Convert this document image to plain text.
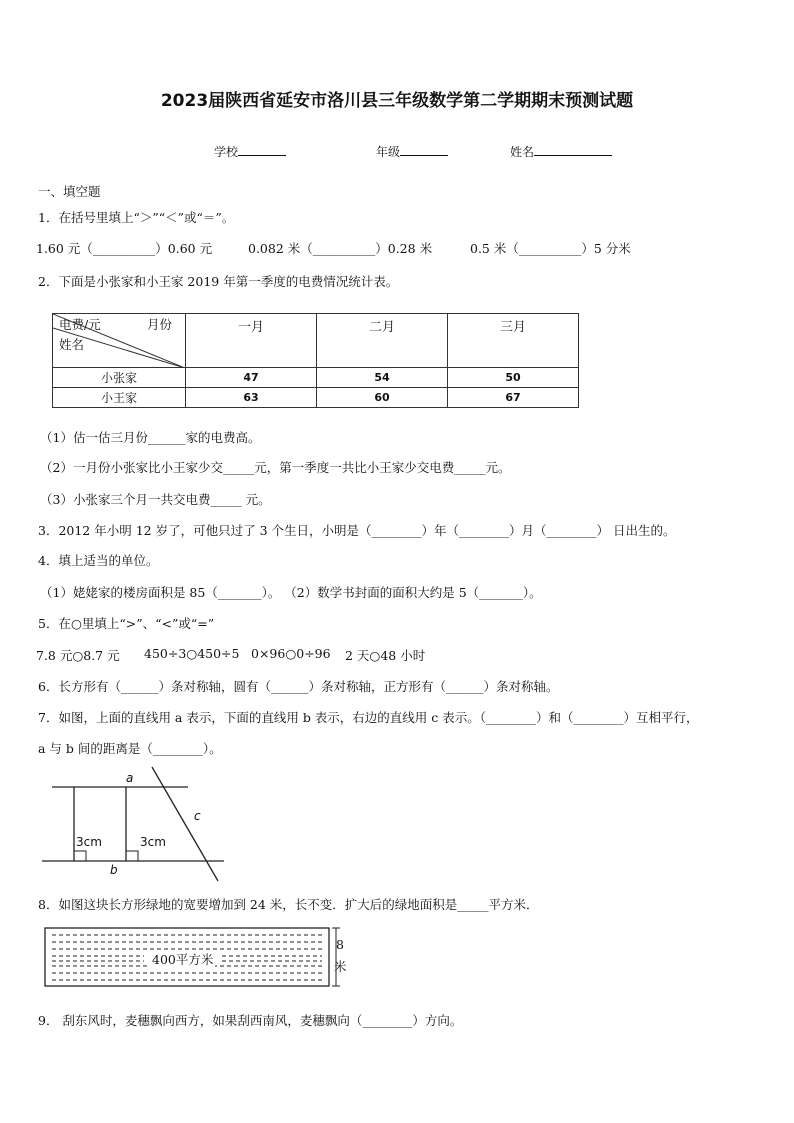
2023届陕西省延安市洛川县三年级数学第二学期期末预测试题
学校	年级	姓名
一、填空题
1．在括号里填上“＞”“＜”或“＝”。
1.60 元（__________）0.60 元	0.082 米（__________）0.28 米	0.5 米（__________）5 分米
2．下面是小张家和小王家 2019 年第一季度的电费情况统计表。
电费/元 月份
姓名	一月	二月	三月
小张家	47	54	50
小王家	63	60	67
（1）估一估三月份______家的电费高。
（2）一月份小张家比小王家少交_____元，第一季度一共比小王家少交电费_____元。
（3）小张家三个月一共交电费_____ 元。
3．2012 年小明 12 岁了，可他只过了 3 个生日，小明是（________）年（________）月（________） 日出生的。
4．填上适当的单位。
（1）姥姥家的楼房面积是 85（_______）。 （2）数学书封面的面积大约是 5（_______）。
5．在○里填上“>”、“<”或“=”
7.8 元○8.7 元 450÷3○450÷5 0×96○0÷96 2 天○48 小时
6．长方形有（______）条对称轴，圆有（______）条对称轴，正方形有（______）条对称轴。
7．如图，上面的直线用 a 表示，下面的直线用 b 表示，右边的直线用 c 表示。（________）和（________）互相平行，
a 与 b 间的距离是（________）。
a
b
c
3cm	3cm
8．如图这块长方形绿地的宽要增加到 24 米，长不变．扩大后的绿地面积是_____平方米．
400平方米
8
米
9． 刮东风时，麦穗飘向西方，如果刮西南风，麦穗飘向（________）方向。
